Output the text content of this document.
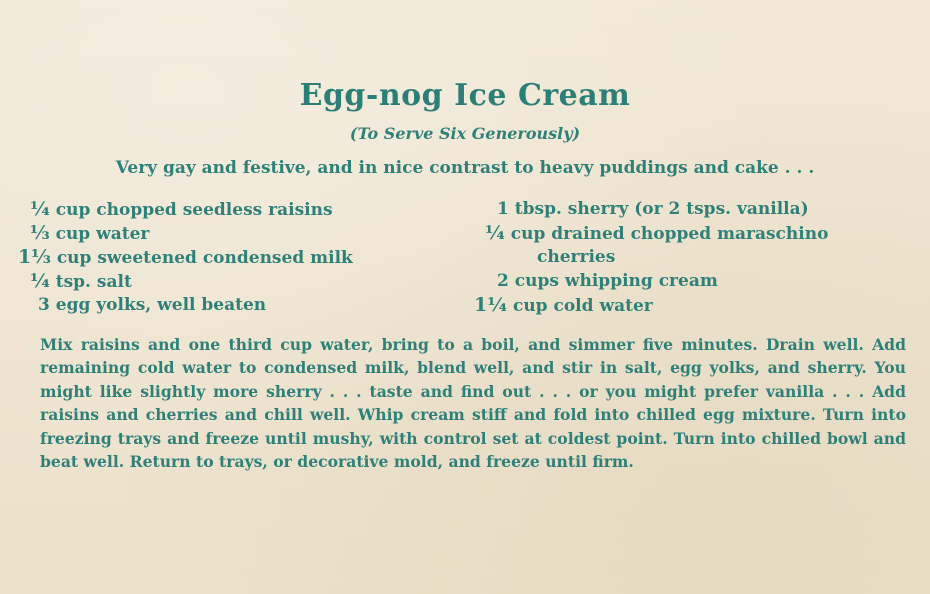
Egg-nog Ice Cream
(To Serve Six Generously)
Very gay and festive, and in nice contrast to heavy puddings and cake . . .
¼ cup chopped seedless raisins
⅓ cup water
1⅓ cup sweetened condensed milk
¼ tsp. salt
3 egg yolks, well beaten
1 tbsp. sherry (or 2 tsps. vanilla)
¼ cup drained chopped maraschino
cherries
2 cups whipping cream
1¼ cup cold water
Mix raisins and one third cup water, bring to a boil, and simmer five minutes. Drain well. Add remaining cold water to condensed milk, blend well, and stir in salt, egg yolks, and sherry. You might like slightly more sherry . . . taste and find out . . . or you might prefer vanilla . . . Add raisins and cherries and chill well. Whip cream stiff and fold into chilled egg mixture. Turn into freezing trays and freeze until mushy, with control set at coldest point. Turn into chilled bowl and beat well. Return to trays, or decorative mold, and freeze until firm.
